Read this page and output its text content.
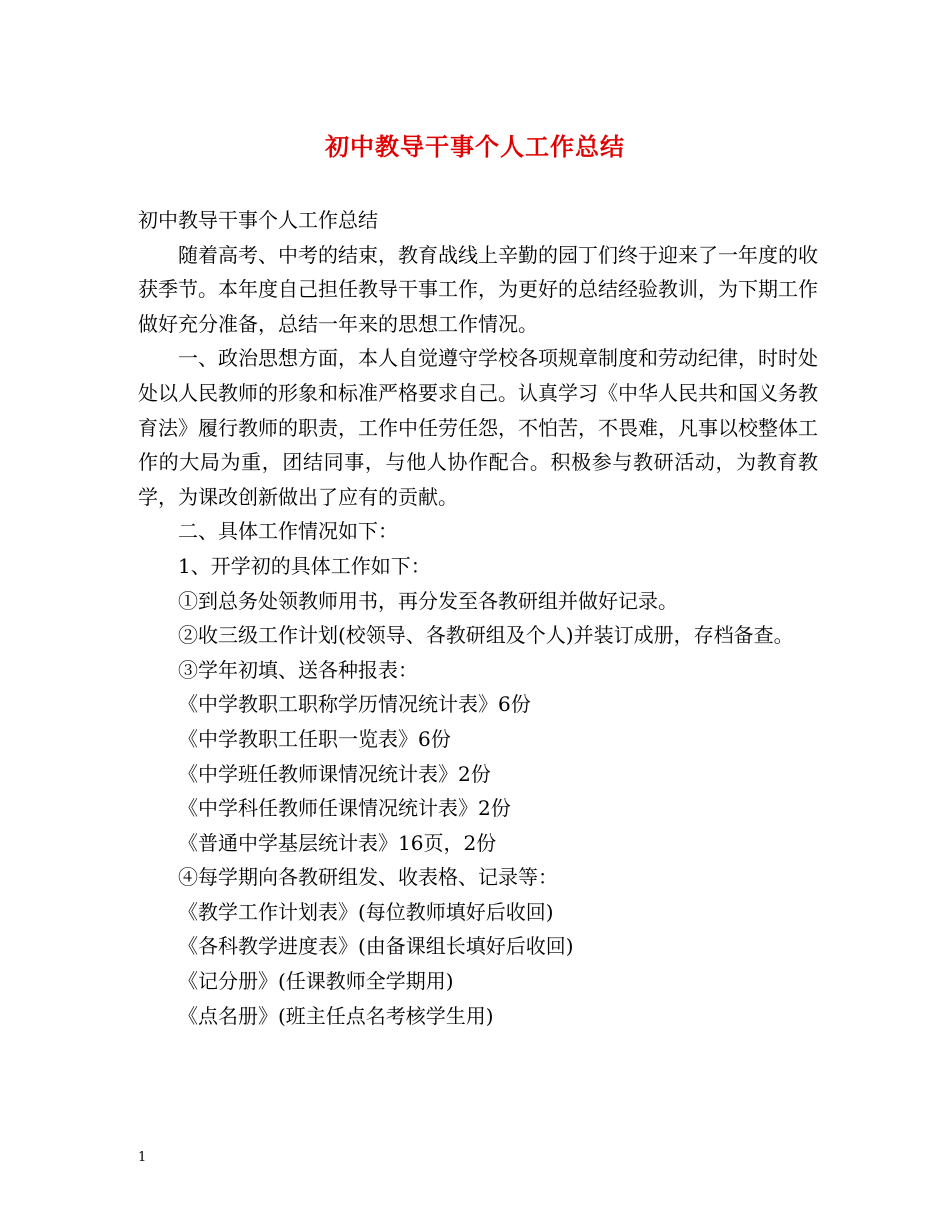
初中教导干事个人工作总结

初中教导干事个人工作总结

随着高考、中考的结束，教育战线上辛勤的园丁们终于迎来了一年度的收获季节。本年度自己担任教导干事工作，为更好的总结经验教训，为下期工作做好充分准备，总结一年来的思想工作情况。

一、政治思想方面，本人自觉遵守学校各项规章制度和劳动纪律，时时处处以人民教师的形象和标准严格要求自己。认真学习《中华人民共和国义务教育法》履行教师的职责，工作中任劳任怨，不怕苦，不畏难，凡事以校整体工作的大局为重，团结同事，与他人协作配合。积极参与教研活动，为教育教学，为课改创新做出了应有的贡献。

二、具体工作情况如下：

1、开学初的具体工作如下：

①到总务处领教师用书，再分发至各教研组并做好记录。

②收三级工作计划(校领导、各教研组及个人)并装订成册，存档备查。

③学年初填、送各种报表：

《中学教职工职称学历情况统计表》6份

《中学教职工任职一览表》6份

《中学班任教师课情况统计表》2份

《中学科任教师任课情况统计表》2份

《普通中学基层统计表》16页，2份

④每学期向各教研组发、收表格、记录等：

《教学工作计划表》(每位教师填好后收回)

《各科教学进度表》(由备课组长填好后收回)

《记分册》(任课教师全学期用)

《点名册》(班主任点名考核学生用)

1
